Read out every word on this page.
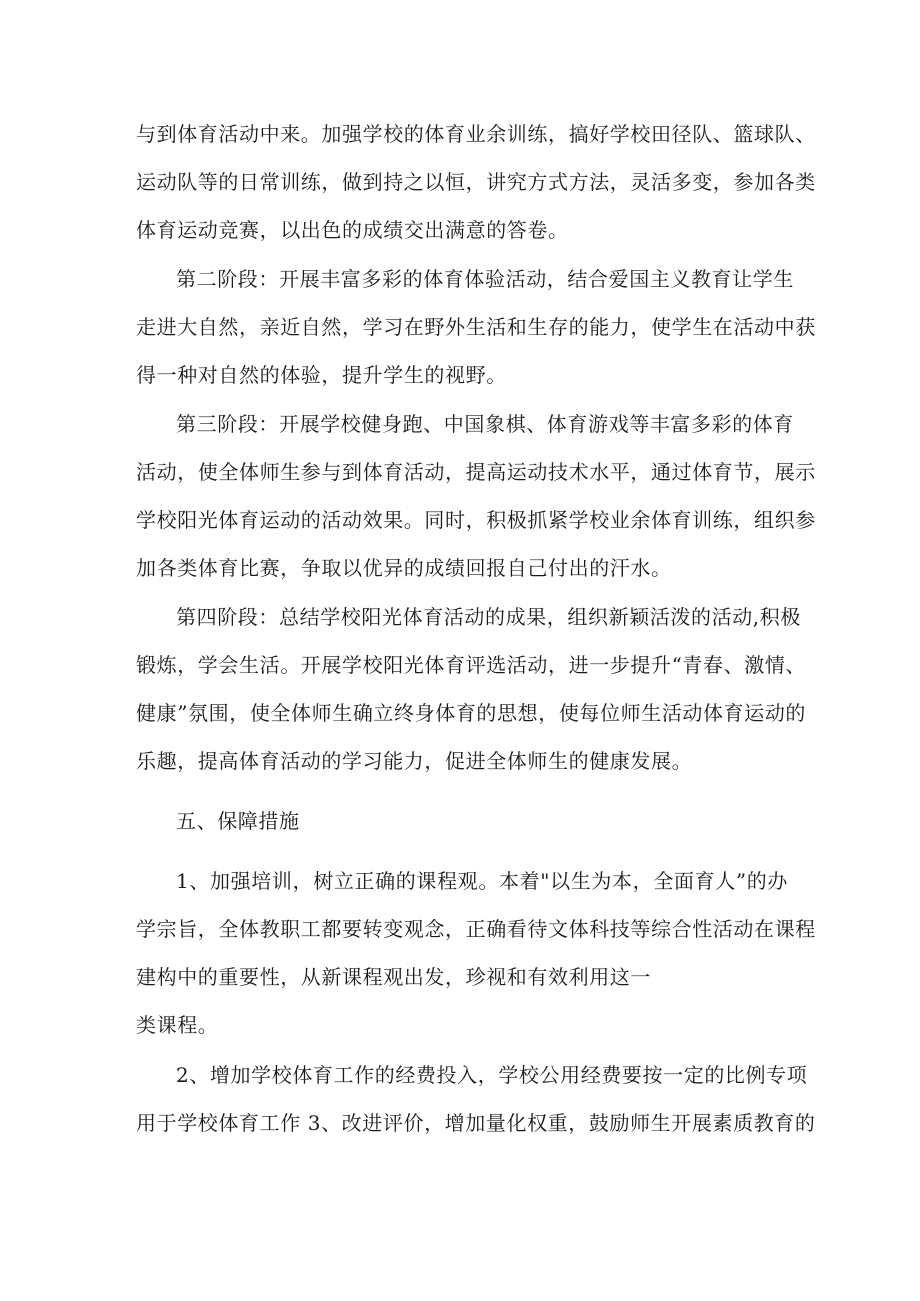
与到体育活动中来。加强学校的体育业余训练，搞好学校田径队、篮球队、
运动队等的日常训练，做到持之以恒，讲究方式方法，灵活多变，参加各类
体育运动竞赛，以出色的成绩交出满意的答卷。
第二阶段：开展丰富多彩的体育体验活动，结合爱国主义教育让学生
走进大自然，亲近自然，学习在野外生活和生存的能力，使学生在活动中获
得一种对自然的体验，提升学生的视野。
第三阶段：开展学校健身跑、中国象棋、体育游戏等丰富多彩的体育
活动，使全体师生参与到体育活动，提高运动技术水平，通过体育节，展示
学校阳光体育运动的活动效果。同时，积极抓紧学校业余体育训练，组织参
加各类体育比赛，争取以优异的成绩回报自己付出的汗水。
第四阶段：总结学校阳光体育活动的成果，组织新颖活泼的活动,积极
锻炼，学会生活。开展学校阳光体育评选活动，进一步提升“青春、激情、
健康”氛围，使全体师生确立终身体育的思想，使每位师生活动体育运动的
乐趣，提高体育活动的学习能力，促进全体师生的健康发展。
五、保障措施
1、加强培训，树立正确的课程观。本着"以生为本，全面育人”的办
学宗旨，全体教职工都要转变观念，正确看待文体科技等综合性活动在课程
建构中的重要性，从新课程观出发，珍视和有效利用这一
类课程。
2、增加学校体育工作的经费投入，学校公用经费要按一定的比例专项
用于学校体育工作 3、改进评价，增加量化权重，鼓励师生开展素质教育的
